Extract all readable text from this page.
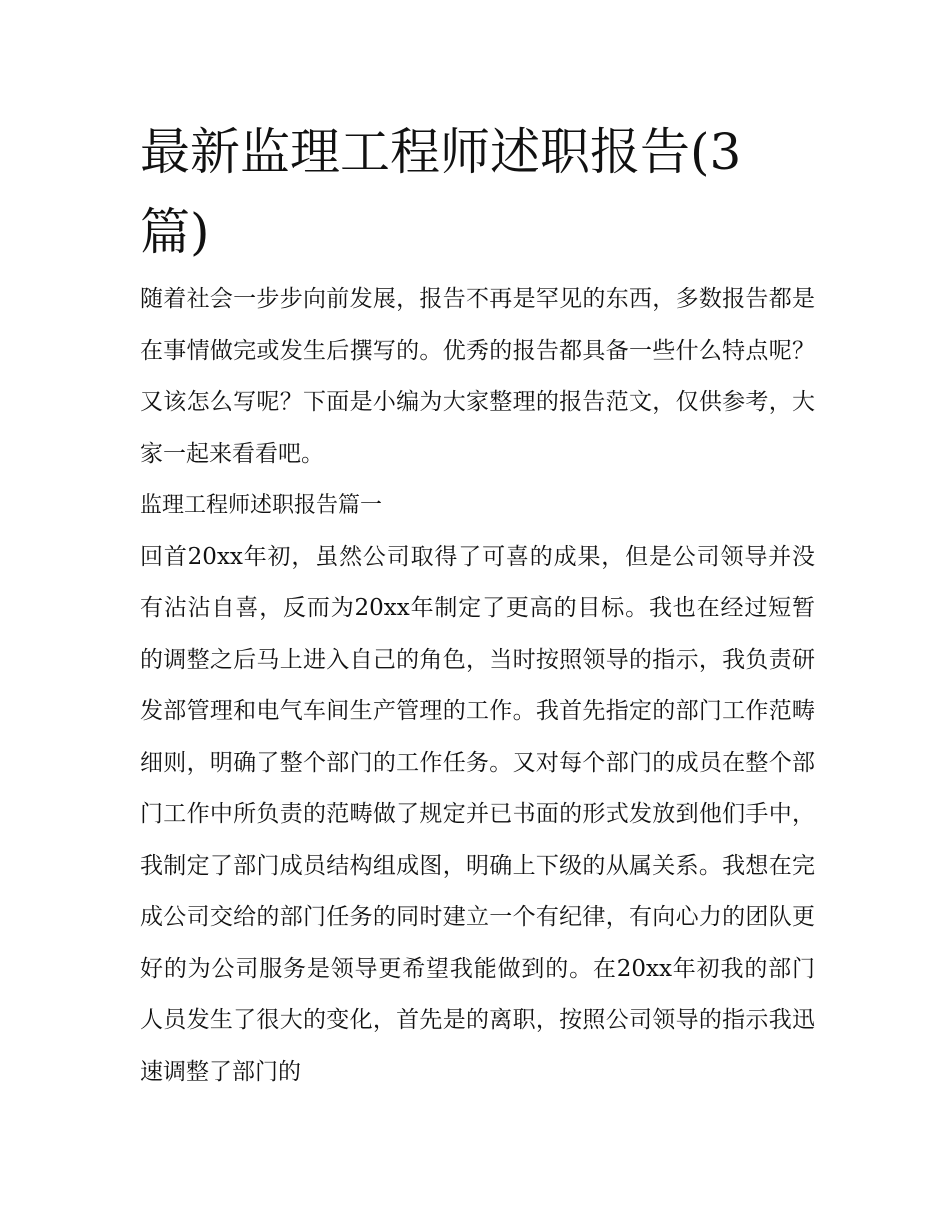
最新监理工程师述职报告(3篇)

随着社会一步步向前发展，报告不再是罕见的东西，多数报告都是在事情做完或发生后撰写的。优秀的报告都具备一些什么特点呢？又该怎么写呢？下面是小编为大家整理的报告范文，仅供参考，大家一起来看看吧。

监理工程师述职报告篇一

回首20xx年初，虽然公司取得了可喜的成果，但是公司领导并没有沾沾自喜，反而为20xx年制定了更高的目标。我也在经过短暂的调整之后马上进入自己的角色，当时按照领导的指示，我负责研发部管理和电气车间生产管理的工作。我首先指定的部门工作范畴细则，明确了整个部门的工作任务。又对每个部门的成员在整个部门工作中所负责的范畴做了规定并已书面的形式发放到他们手中，我制定了部门成员结构组成图，明确上下级的从属关系。我想在完成公司交给的部门任务的同时建立一个有纪律，有向心力的团队更好的为公司服务是领导更希望我能做到的。在20xx年初我的部门人员发生了很大的变化，首先是的离职，按照公司领导的指示我迅速调整了部门的
